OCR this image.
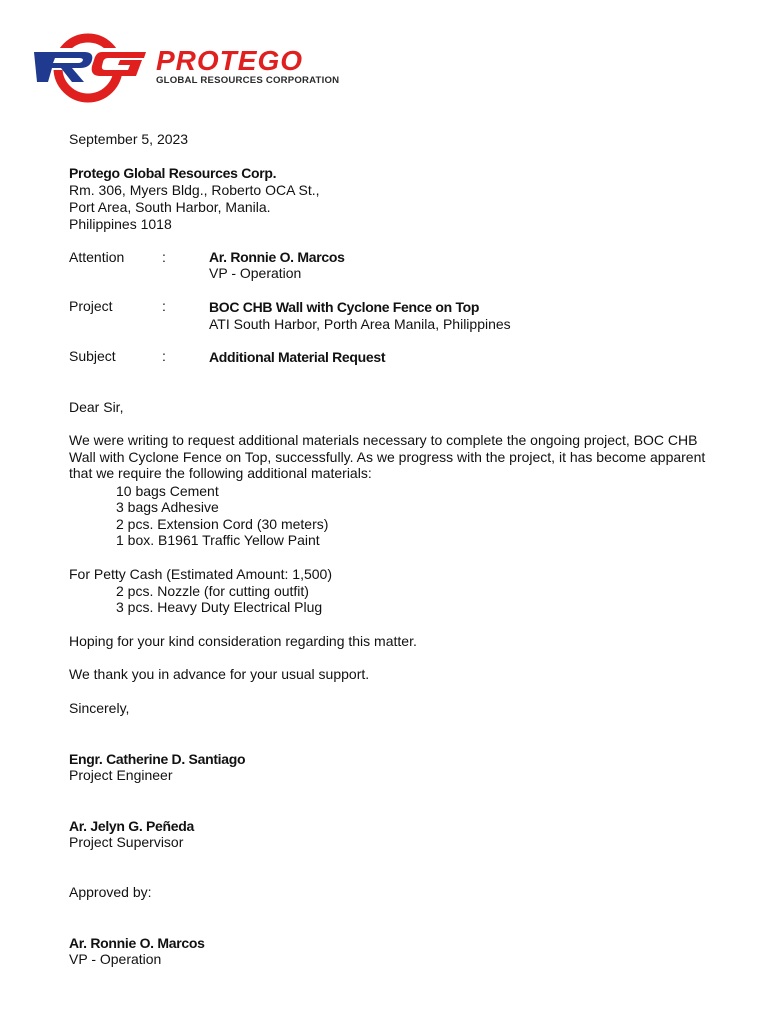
PROTEGO
GLOBAL RESOURCES CORPORATION
September 5, 2023
Protego Global Resources Corp.
Rm. 306, Myers Bldg., Roberto OCA St.,
Port Area, South Harbor, Manila.
Philippines 1018
Attention	:	Ar. Ronnie O. Marcos
VP - Operation
Project	:	BOC CHB Wall with Cyclone Fence on Top
ATI South Harbor, Porth Area Manila, Philippines
Subject	:	Additional Material Request
Dear Sir,
We were writing to request additional materials necessary to complete the ongoing project, BOC CHB Wall with Cyclone Fence on Top, successfully. As we progress with the project, it has become apparent that we require the following additional materials:
10 bags Cement
3 bags Adhesive
2 pcs. Extension Cord (30 meters)
1 box. B1961 Traffic Yellow Paint
For Petty Cash (Estimated Amount: 1,500)
2 pcs. Nozzle (for cutting outfit)
3 pcs. Heavy Duty Electrical Plug
Hoping for your kind consideration regarding this matter.
We thank you in advance for your usual support.
Sincerely,
Engr. Catherine D. Santiago
Project Engineer
Ar. Jelyn G. Peñeda
Project Supervisor
Approved by:
Ar. Ronnie O. Marcos
VP - Operation
